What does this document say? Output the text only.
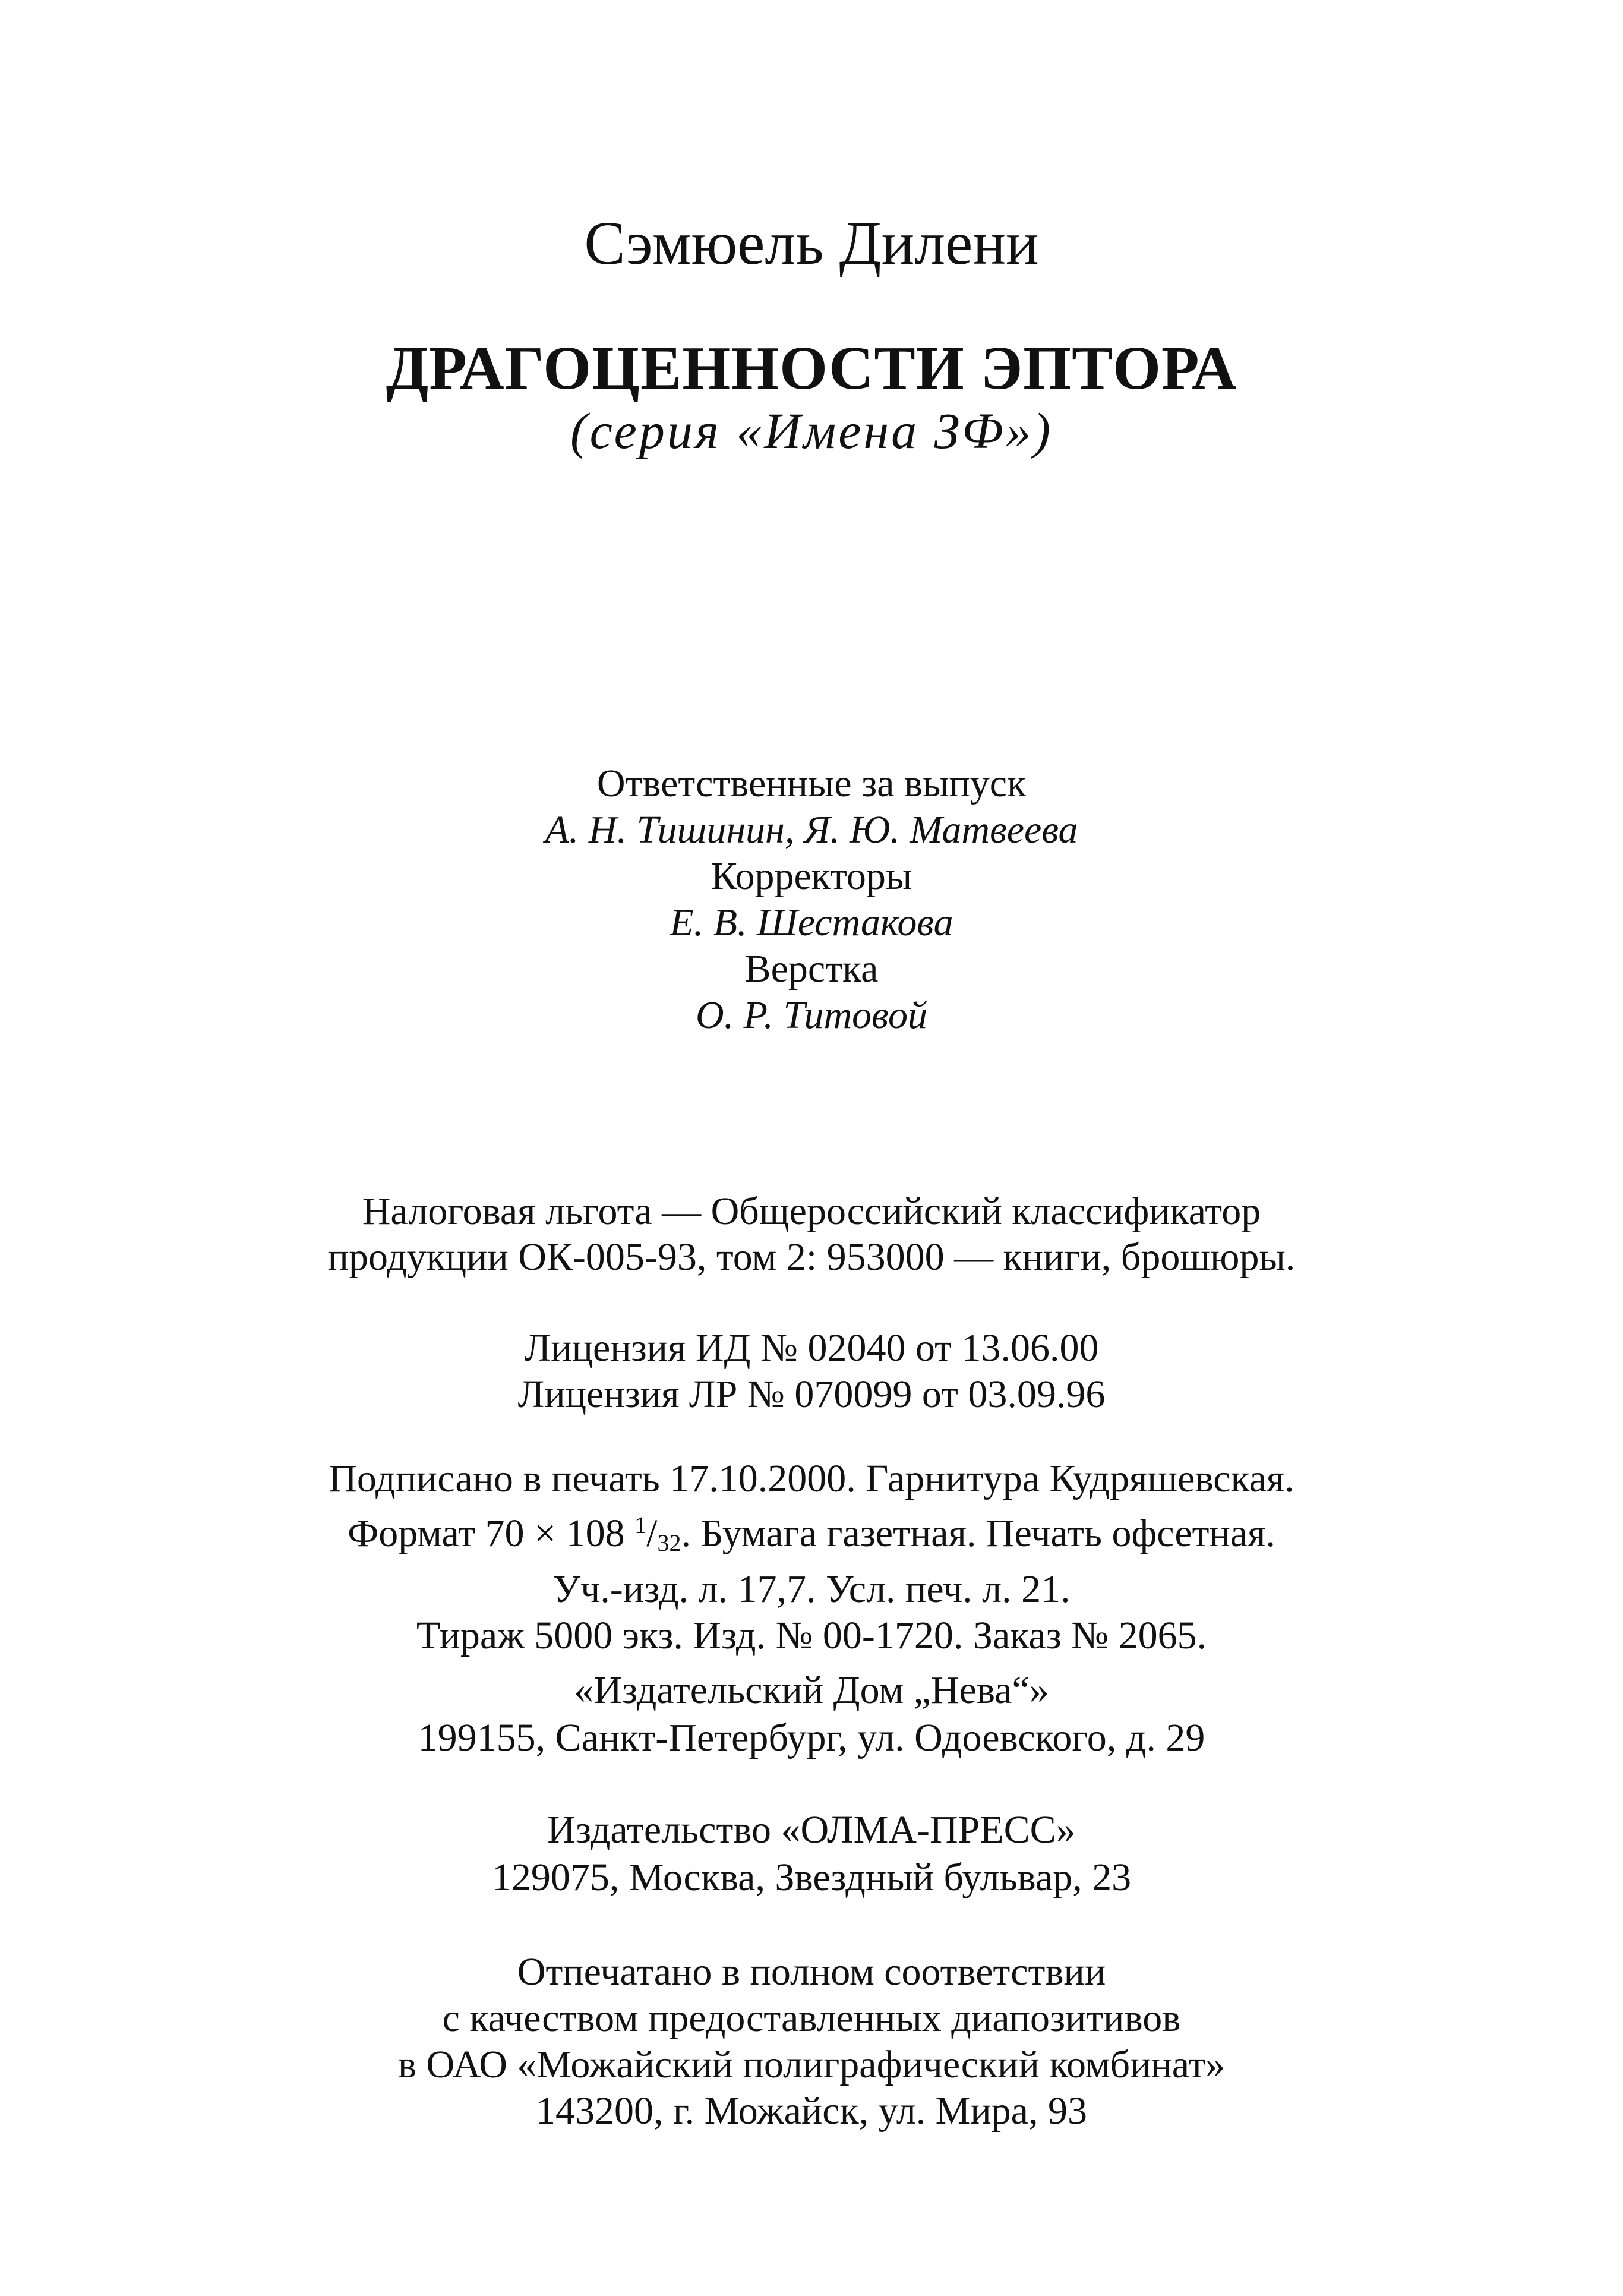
Сэмюель Дилени
ДРАГОЦЕННОСТИ ЭПТОРА
(серия «Имена ЗФ»)
Ответственные за выпуск
А. Н. Тишинин, Я. Ю. Матвеева
Корректоры
Е. В. Шестакова
Верстка
О. Р. Титовой
Налоговая льгота — Общероссийский классификатор
продукции ОК-005-93, том 2: 953000 — книги, брошюры.
Лицензия ИД № 02040 от 13.06.00
Лицензия ЛР № 070099 от 03.09.96
Подписано в печать 17.10.2000. Гарнитура Кудряшевская.
Формат 70 × 108 $^1/_{32}$. Бумага газетная. Печать офсетная.
Уч.-изд. л. 17,7. Усл. печ. л. 21.
Тираж 5000 экз. Изд. № 00-1720. Заказ № 2065.
«Издательский Дом „Нева“»
199155, Санкт-Петербург, ул. Одоевского, д. 29
Издательство «ОЛМА-ПРЕСС»
129075, Москва, Звездный бульвар, 23
Отпечатано в полном соответствии
с качеством предоставленных диапозитивов
в ОАО «Можайский полиграфический комбинат»
143200, г. Можайск, ул. Мира, 93
